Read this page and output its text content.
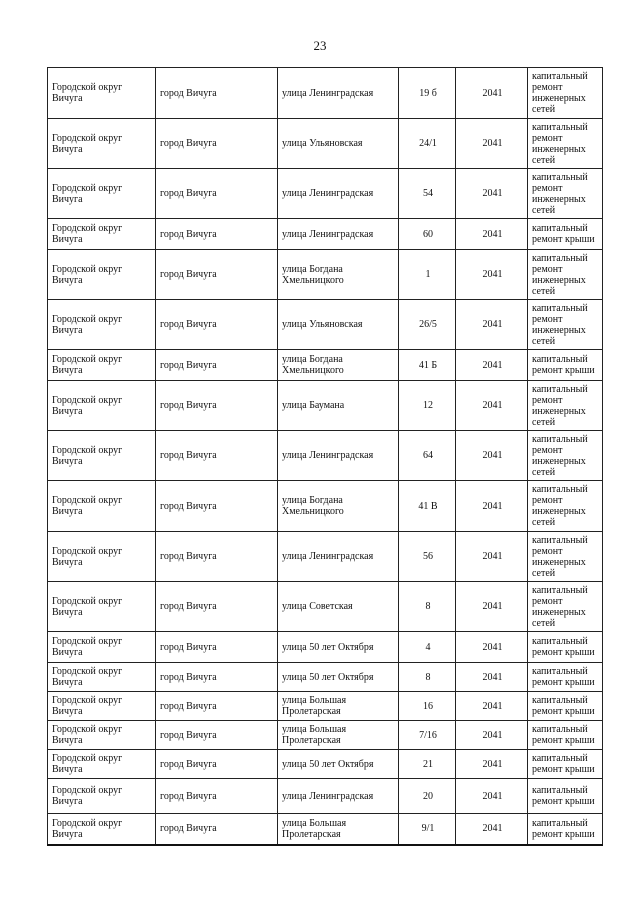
23
Городской округ Вичуга	город Вичуга	улица Ленинградская	19 б	2041	капитальный ремонт инженерных сетей
Городской округ Вичуга	город Вичуга	улица Ульяновская	24/1	2041	капитальный ремонт инженерных сетей
Городской округ Вичуга	город Вичуга	улица Ленинградская	54	2041	капитальный ремонт инженерных сетей
Городской округ Вичуга	город Вичуга	улица Ленинградская	60	2041	капитальный ремонт крыши
Городской округ Вичуга	город Вичуга	улица Богдана Хмельницкого	1	2041	капитальный ремонт инженерных сетей
Городской округ Вичуга	город Вичуга	улица Ульяновская	26/5	2041	капитальный ремонт инженерных сетей
Городской округ Вичуга	город Вичуга	улица Богдана Хмельницкого	41 Б	2041	капитальный ремонт крыши
Городской округ Вичуга	город Вичуга	улица Баумана	12	2041	капитальный ремонт инженерных сетей
Городской округ Вичуга	город Вичуга	улица Ленинградская	64	2041	капитальный ремонт инженерных сетей
Городской округ Вичуга	город Вичуга	улица Богдана Хмельницкого	41 В	2041	капитальный ремонт инженерных сетей
Городской округ Вичуга	город Вичуга	улица Ленинградская	56	2041	капитальный ремонт инженерных сетей
Городской округ Вичуга	город Вичуга	улица Советская	8	2041	капитальный ремонт инженерных сетей
Городской округ Вичуга	город Вичуга	улица 50 лет Октября	4	2041	капитальный ремонт крыши
Городской округ Вичуга	город Вичуга	улица 50 лет Октября	8	2041	капитальный ремонт крыши
Городской округ Вичуга	город Вичуга	улица Большая Пролетарская	16	2041	капитальный ремонт крыши
Городской округ Вичуга	город Вичуга	улица Большая Пролетарская	7/16	2041	капитальный ремонт крыши
Городской округ Вичуга	город Вичуга	улица 50 лет Октября	21	2041	капитальный ремонт крыши
Городской округ Вичуга	город Вичуга	улица Ленинградская	20	2041	капитальный ремонт крыши
Городской округ Вичуга	город Вичуга	улица Большая Пролетарская	9/1	2041	капитальный ремонт крыши
